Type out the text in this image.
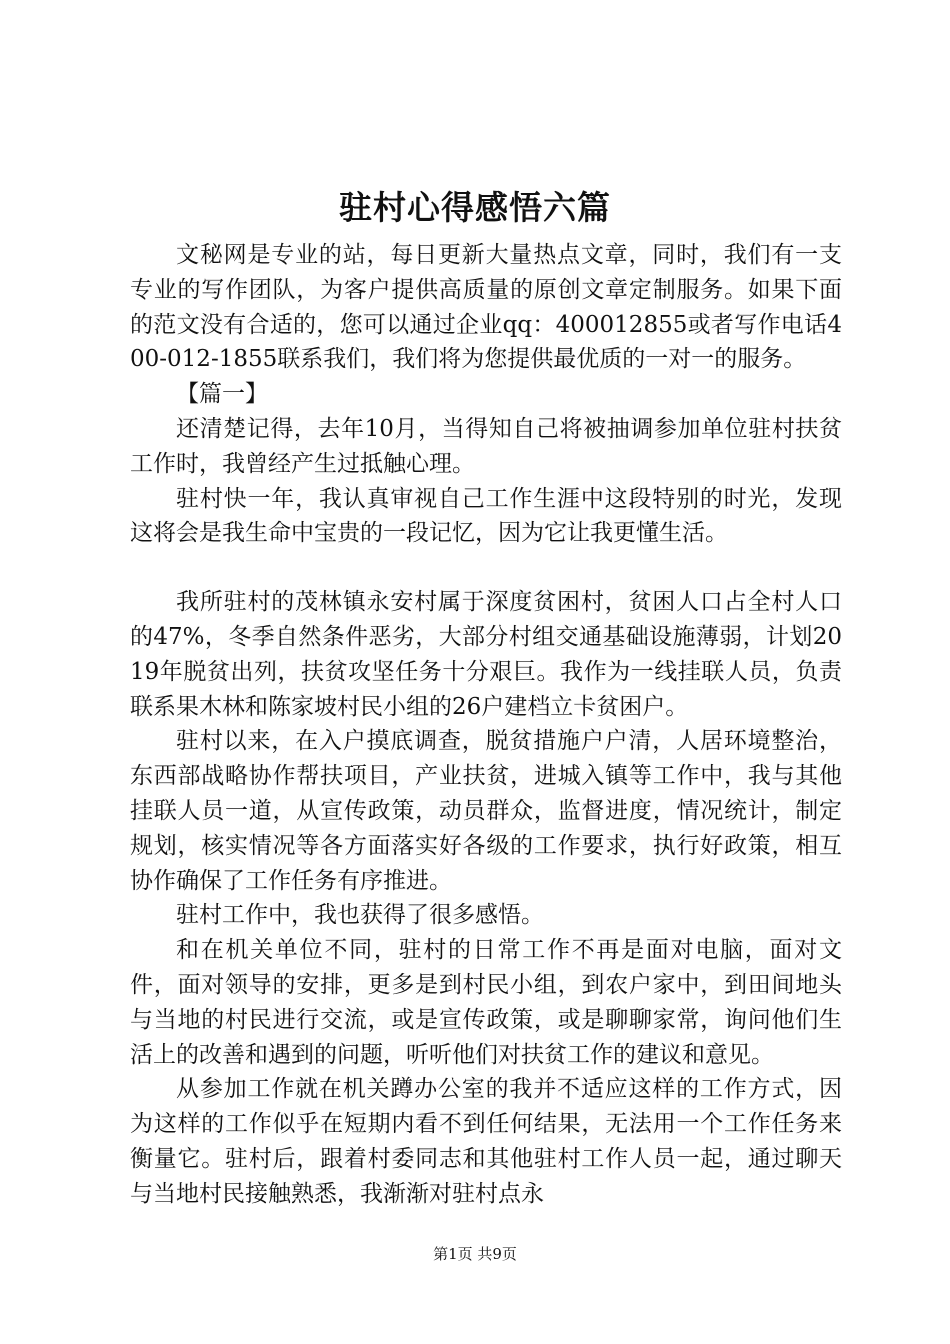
驻村心得感悟六篇

文秘网是专业的站，每日更新大量热点文章，同时，我们有一支专业的写作团队，为客户提供高质量的原创文章定制服务。如果下面的范文没有合适的，您可以通过企业qq：400012855或者写作电话400-012-1855联系我们，我们将为您提供最优质的一对一的服务。

【篇一】

还清楚记得，去年10月，当得知自己将被抽调参加单位驻村扶贫工作时，我曾经产生过抵触心理。

驻村快一年，我认真审视自己工作生涯中这段特别的时光，发现这将会是我生命中宝贵的一段记忆，因为它让我更懂生活。

我所驻村的茂林镇永安村属于深度贫困村，贫困人口占全村人口的47%，冬季自然条件恶劣，大部分村组交通基础设施薄弱，计划2019年脱贫出列，扶贫攻坚任务十分艰巨。我作为一线挂联人员，负责联系果木林和陈家坡村民小组的26户建档立卡贫困户。

驻村以来，在入户摸底调查，脱贫措施户户清，人居环境整治，东西部战略协作帮扶项目，产业扶贫，进城入镇等工作中，我与其他挂联人员一道，从宣传政策，动员群众，监督进度，情况统计，制定规划，核实情况等各方面落实好各级的工作要求，执行好政策，相互协作确保了工作任务有序推进。

驻村工作中，我也获得了很多感悟。

和在机关单位不同，驻村的日常工作不再是面对电脑，面对文件，面对领导的安排，更多是到村民小组，到农户家中，到田间地头与当地的村民进行交流，或是宣传政策，或是聊聊家常，询问他们生活上的改善和遇到的问题，听听他们对扶贫工作的建议和意见。

从参加工作就在机关蹲办公室的我并不适应这样的工作方式，因为这样的工作似乎在短期内看不到任何结果，无法用一个工作任务来衡量它。驻村后，跟着村委同志和其他驻村工作人员一起，通过聊天与当地村民接触熟悉，我渐渐对驻村点永

第1页 共9页
